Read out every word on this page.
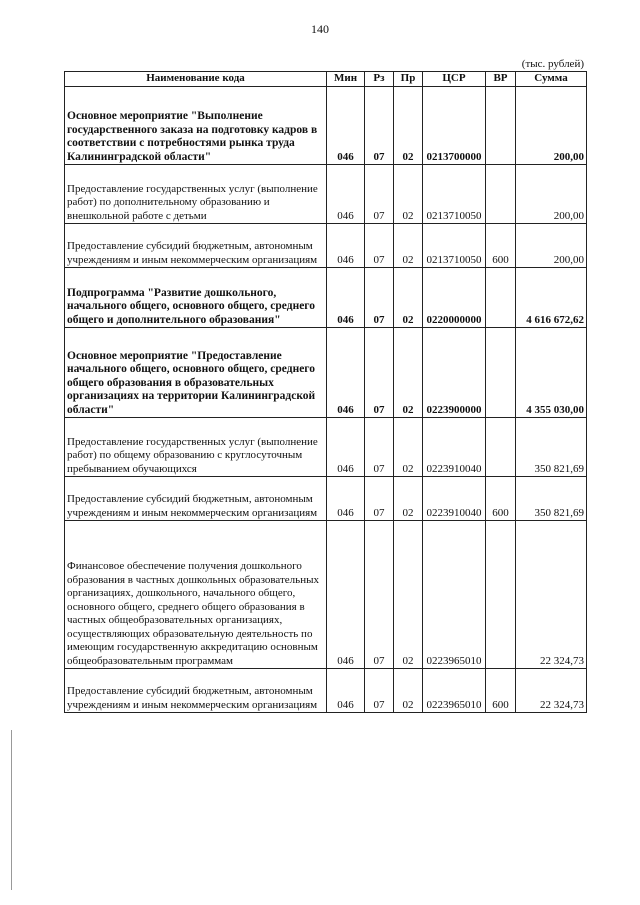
140
(тыс. рублей)
Наименование кода	Мин	Рз	Пр	ЦСР	ВР	Сумма

Основное мероприятие "Выполнение государственного заказа на подготовку кадров в соответствии с потребностями рынка труда Калининградской области"	046	07	02	0213700000		200,00

Предоставление государственных услуг (выполнение работ) по дополнительному образованию и внешкольной работе с детьми	046	07	02	0213710050		200,00
Предоставление субсидий бюджетным, автономным учреждениям и иным некоммерческим организациям	046	07	02	0213710050	600	200,00
Подпрограмма "Развитие дошкольного, начального общего, основного общего, среднего общего и дополнительного образования"	046	07	02	0220000000		4 616 672,62

Основное мероприятие "Предоставление начального общего, основного общего, среднего общего образования в образовательных организациях на территории Калининградской области"	046	07	02	0223900000		4 355 030,00
Предоставление государственных услуг (выполнение работ) по общему образованию с круглосуточным пребыванием обучающихся	046	07	02	0223910040		350 821,69
Предоставление субсидий бюджетным, автономным учреждениям и иным некоммерческим организациям	046	07	02	0223910040	600	350 821,69

Финансовое обеспечение получения дошкольного образования в частных дошкольных образовательных организациях, дошкольного, начального общего, основного общего, среднего общего образования в частных общеобразовательных организациях, осуществляющих образовательную деятельность по имеющим государственную аккредитацию основным общеобразовательным программам	046	07	02	0223965010		22 324,73
Предоставление субсидий бюджетным, автономным учреждениям и иным некоммерческим организациям	046	07	02	0223965010	600	22 324,73
